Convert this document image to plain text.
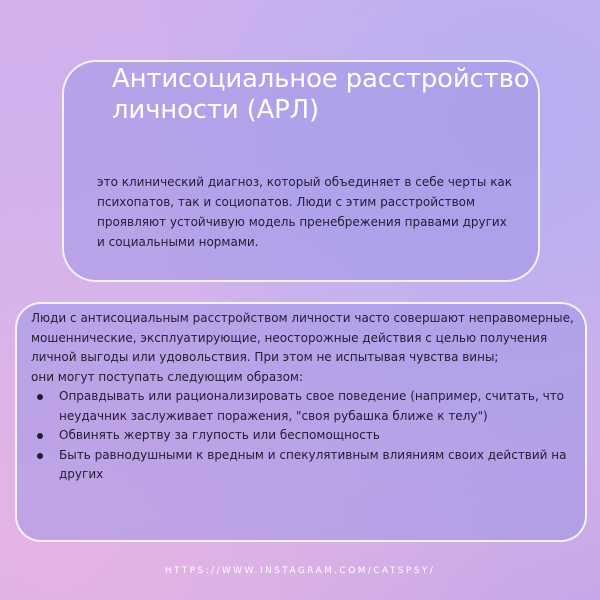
Антисоциальное расстройство личности (АРЛ)

это клинический диагноз, который объединяет в себе черты как психопатов, так и социопатов. Люди с этим расстройством проявляют устойчивую модель пренебрежения правами других и социальными нормами.

Люди с антисоциальным расстройством личности часто совершают неправомерные, мошеннические, эксплуатирующие, неосторожные действия с целью получения личной выгоды или удовольствия. При этом не испытывая чувства вины;
они могут поступать следующим образом:

Оправдывать или рационализировать свое поведение (например, считать, что неудачник заслуживает поражения, "своя рубашка ближе к телу")
Обвинять жертву за глупость или беспомощность
Быть равнодушными к вредным и спекулятивным влияниям своих действий на других

HTTPS://WWW.INSTAGRAM.COM/CATSPSY/
